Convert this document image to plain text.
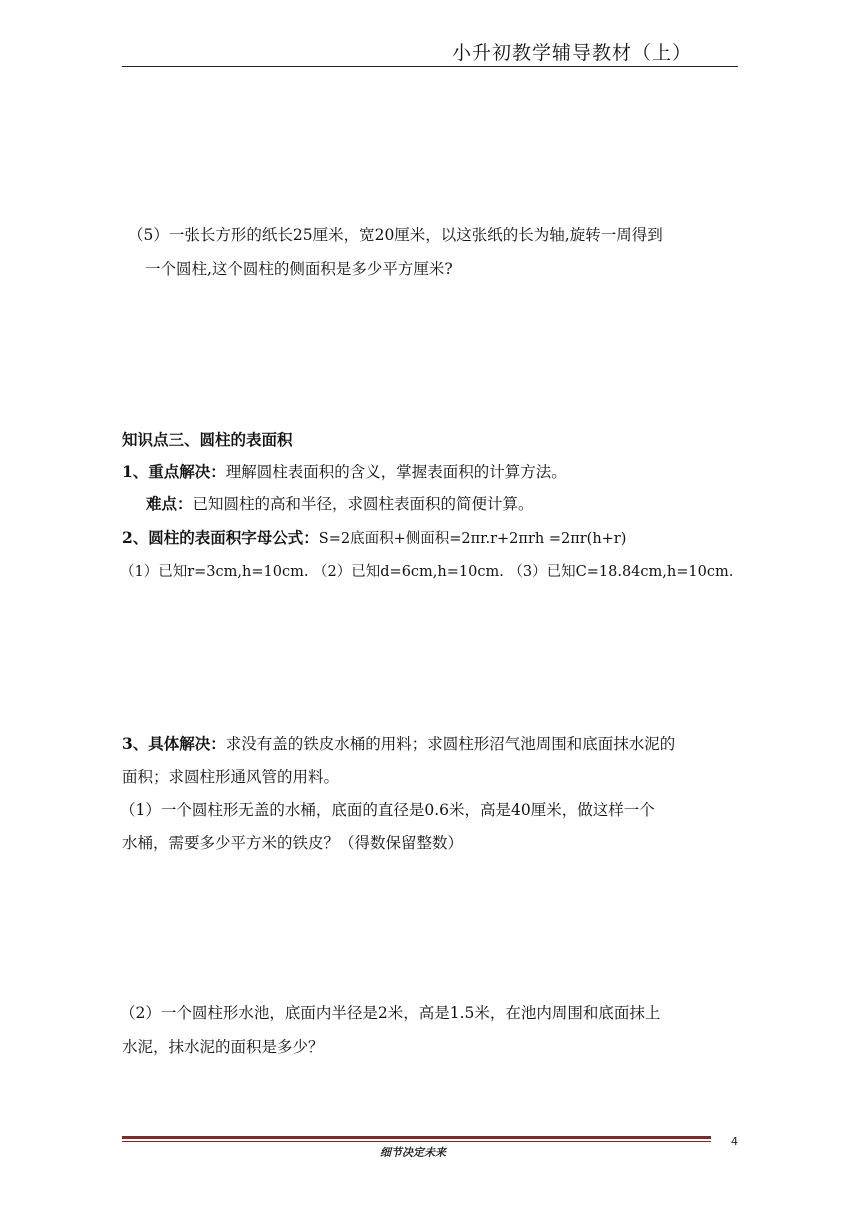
小升初教学辅导教材（上）
（5）一张长方形的纸长25厘米，宽20厘米，以这张纸的长为轴,旋转一周得到
一个圆柱,这个圆柱的侧面积是多少平方厘米?
知识点三、圆柱的表面积
1、重点解决：理解圆柱表面积的含义，掌握表面积的计算方法。
难点：已知圆柱的高和半径，求圆柱表面积的简便计算。
2、圆柱的表面积字母公式：S=2底面积+侧面积=2πr.r+2πrh =2πr(h+r)
（1）已知r=3cm,h=10cm. （2）已知d=6cm,h=10cm. （3）已知C=18.84cm,h=10cm.
3、具体解决：求没有盖的铁皮水桶的用料；求圆柱形沼气池周围和底面抹水泥的
面积；求圆柱形通风管的用料。
（1）一个圆柱形无盖的水桶，底面的直径是0.6米，高是40厘米，做这样一个
水桶，需要多少平方米的铁皮？（得数保留整数）
（2）一个圆柱形水池，底面内半径是2米，高是1.5米，在池内周围和底面抹上
水泥，抹水泥的面积是多少？
细节决定未来
4
